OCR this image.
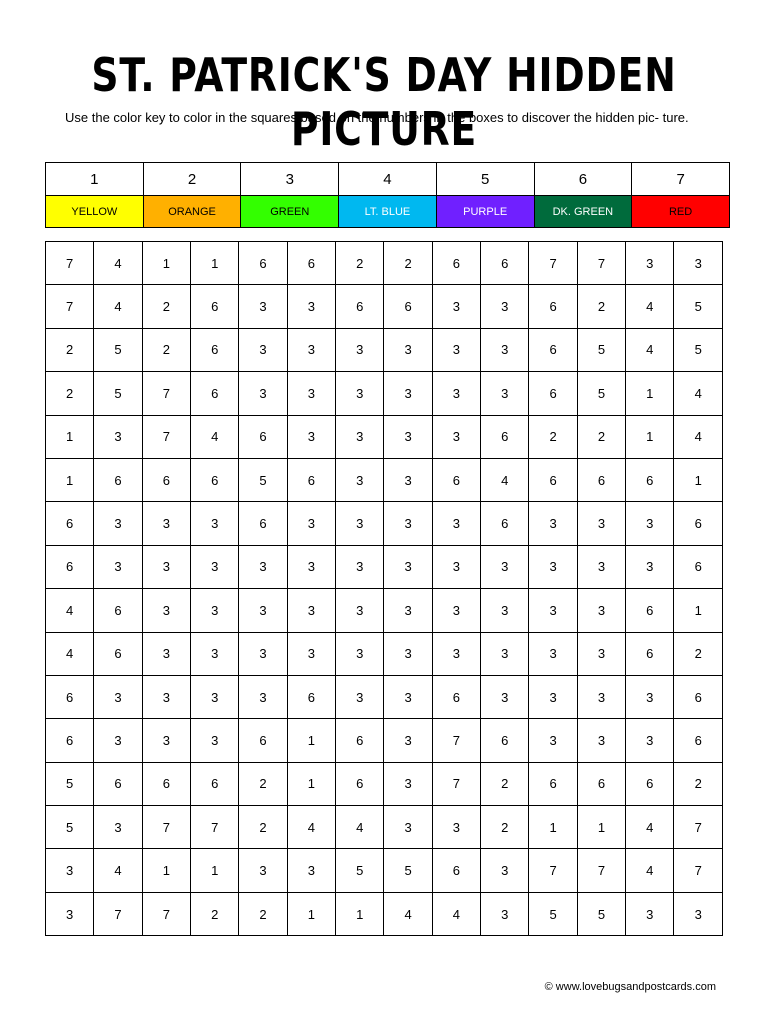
ST. PATRICK'S DAY HIDDEN PICTURE
Use the color key to color in the squares based on the numbers in the boxes to discover the hidden pic- ture.
1	2	3	4	5	6	7
YELLOW	ORANGE	GREEN	LT. BLUE	PURPLE	DK. GREEN	RED
7	4	1	1	6	6	2	2	6	6	7	7	3	3
7	4	2	6	3	3	6	6	3	3	6	2	4	5
2	5	2	6	3	3	3	3	3	3	6	5	4	5
2	5	7	6	3	3	3	3	3	3	6	5	1	4
1	3	7	4	6	3	3	3	3	6	2	2	1	4
1	6	6	6	5	6	3	3	6	4	6	6	6	1
6	3	3	3	6	3	3	3	3	6	3	3	3	6
6	3	3	3	3	3	3	3	3	3	3	3	3	6
4	6	3	3	3	3	3	3	3	3	3	3	6	1
4	6	3	3	3	3	3	3	3	3	3	3	6	2
6	3	3	3	3	6	3	3	6	3	3	3	3	6
6	3	3	3	6	1	6	3	7	6	3	3	3	6
5	6	6	6	2	1	6	3	7	2	6	6	6	2
5	3	7	7	2	4	4	3	3	2	1	1	4	7
3	4	1	1	3	3	5	5	6	3	7	7	4	7
3	7	7	2	2	1	1	4	4	3	5	5	3	3
© www.lovebugsandpostcards.com
